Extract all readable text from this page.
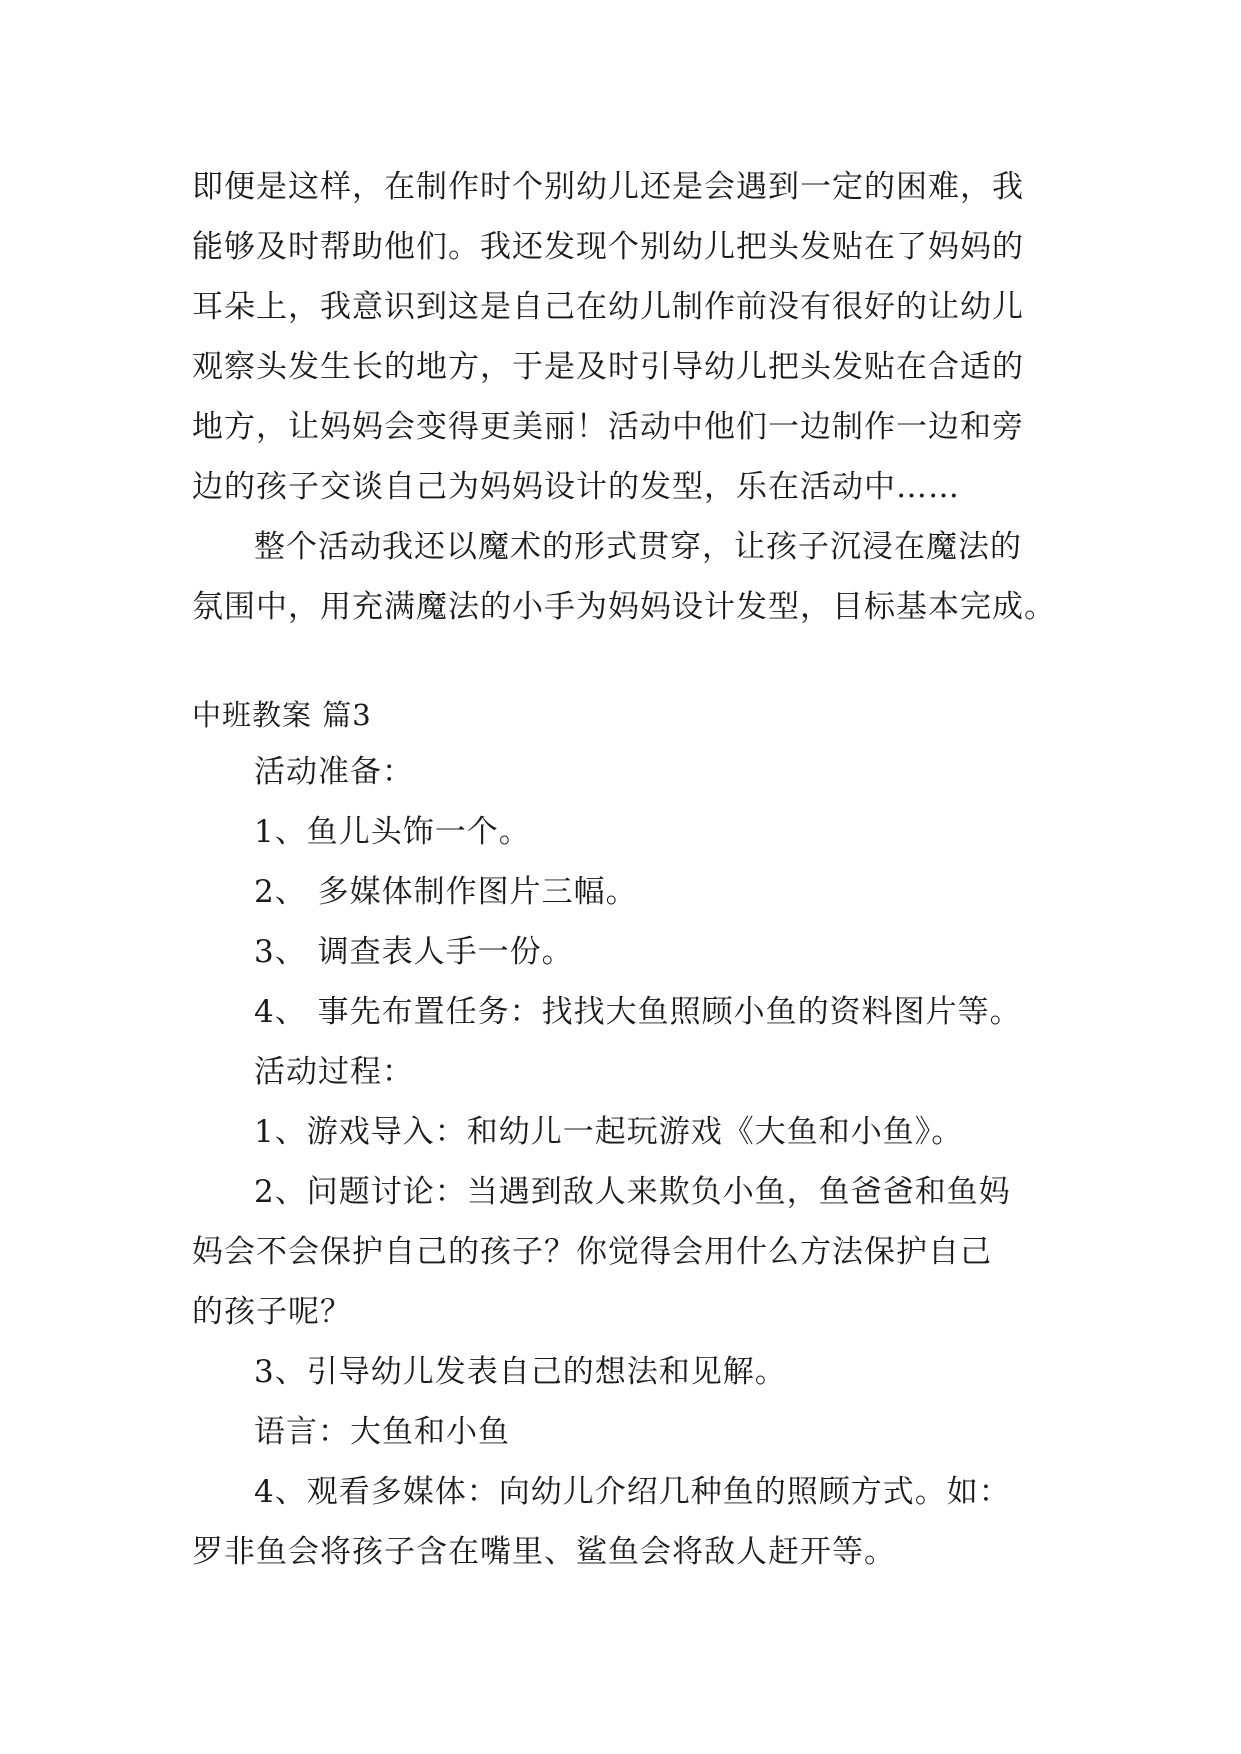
即便是这样，在制作时个别幼儿还是会遇到一定的困难，我
能够及时帮助他们。我还发现个别幼儿把头发贴在了妈妈的
耳朵上，我意识到这是自己在幼儿制作前没有很好的让幼儿
观察头发生长的地方，于是及时引导幼儿把头发贴在合适的
地方，让妈妈会变得更美丽！活动中他们一边制作一边和旁
边的孩子交谈自己为妈妈设计的发型，乐在活动中……
整个活动我还以魔术的形式贯穿，让孩子沉浸在魔法的
氛围中，用充满魔法的小手为妈妈设计发型，目标基本完成。
中班教案 篇3
活动准备：
1、鱼儿头饰一个。
2、 多媒体制作图片三幅。
3、 调查表人手一份。
4、 事先布置任务：找找大鱼照顾小鱼的资料图片等。
活动过程：
1、游戏导入：和幼儿一起玩游戏《大鱼和小鱼》。
2、问题讨论：当遇到敌人来欺负小鱼，鱼爸爸和鱼妈
妈会不会保护自己的孩子？你觉得会用什么方法保护自己
的孩子呢？
3、引导幼儿发表自己的想法和见解。
语言：大鱼和小鱼
4、观看多媒体：向幼儿介绍几种鱼的照顾方式。如：
罗非鱼会将孩子含在嘴里、鲨鱼会将敌人赶开等。
